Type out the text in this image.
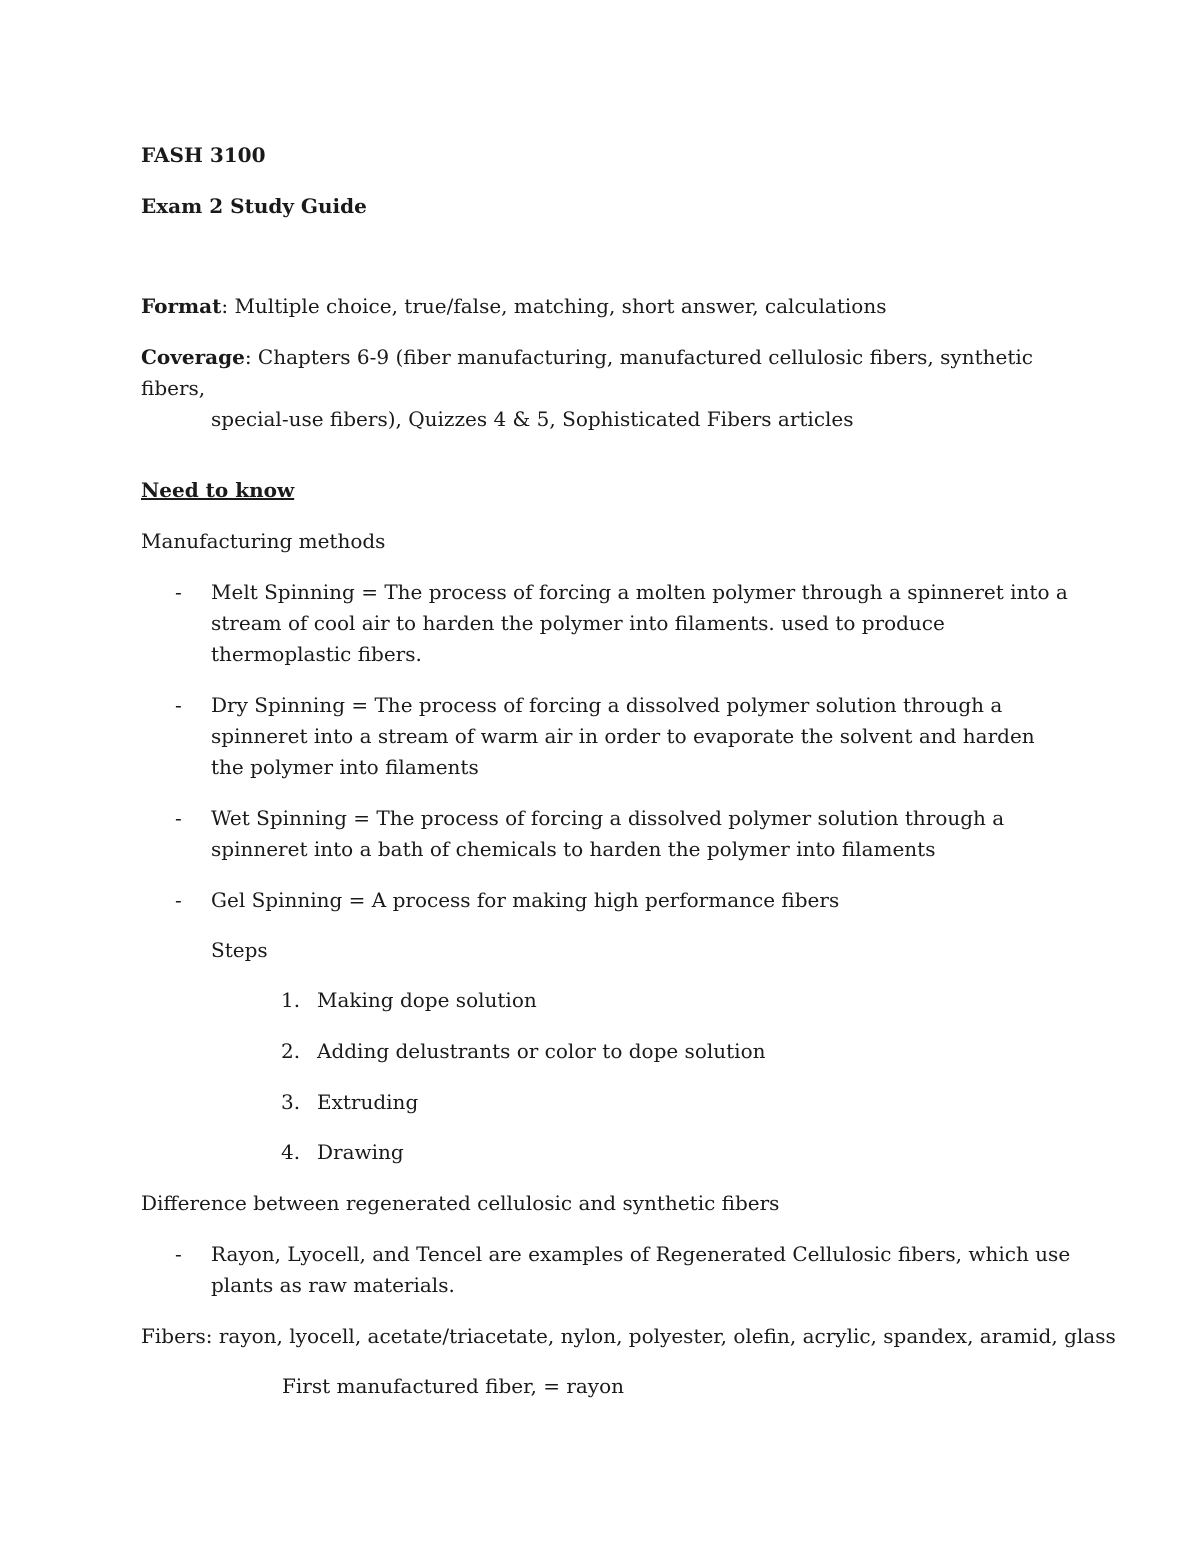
FASH 3100
Exam 2 Study Guide
Format: Multiple choice, true/false, matching, short answer, calculations
Coverage: Chapters 6-9 (fiber manufacturing, manufactured cellulosic fibers, synthetic fibers,
special-use fibers), Quizzes 4 & 5, Sophisticated Fibers articles
Need to know
Manufacturing methods
- Melt Spinning = The process of forcing a molten polymer through a spinneret into a stream of cool air to harden the polymer into filaments. used to produce thermoplastic fibers.
- Dry Spinning = The process of forcing a dissolved polymer solution through a spinneret into a stream of warm air in order to evaporate the solvent and harden the polymer into filaments
- Wet Spinning = The process of forcing a dissolved polymer solution through a spinneret into a bath of chemicals to harden the polymer into filaments
- Gel Spinning = A process for making high performance fibers
Steps
1. Making dope solution
2. Adding delustrants or color to dope solution
3. Extruding
4. Drawing
Difference between regenerated cellulosic and synthetic fibers
- Rayon, Lyocell, and Tencel are examples of Regenerated Cellulosic fibers, which use plants as raw materials.
Fibers: rayon, lyocell, acetate/triacetate, nylon, polyester, olefin, acrylic, spandex, aramid, glass
First manufactured fiber, = rayon
